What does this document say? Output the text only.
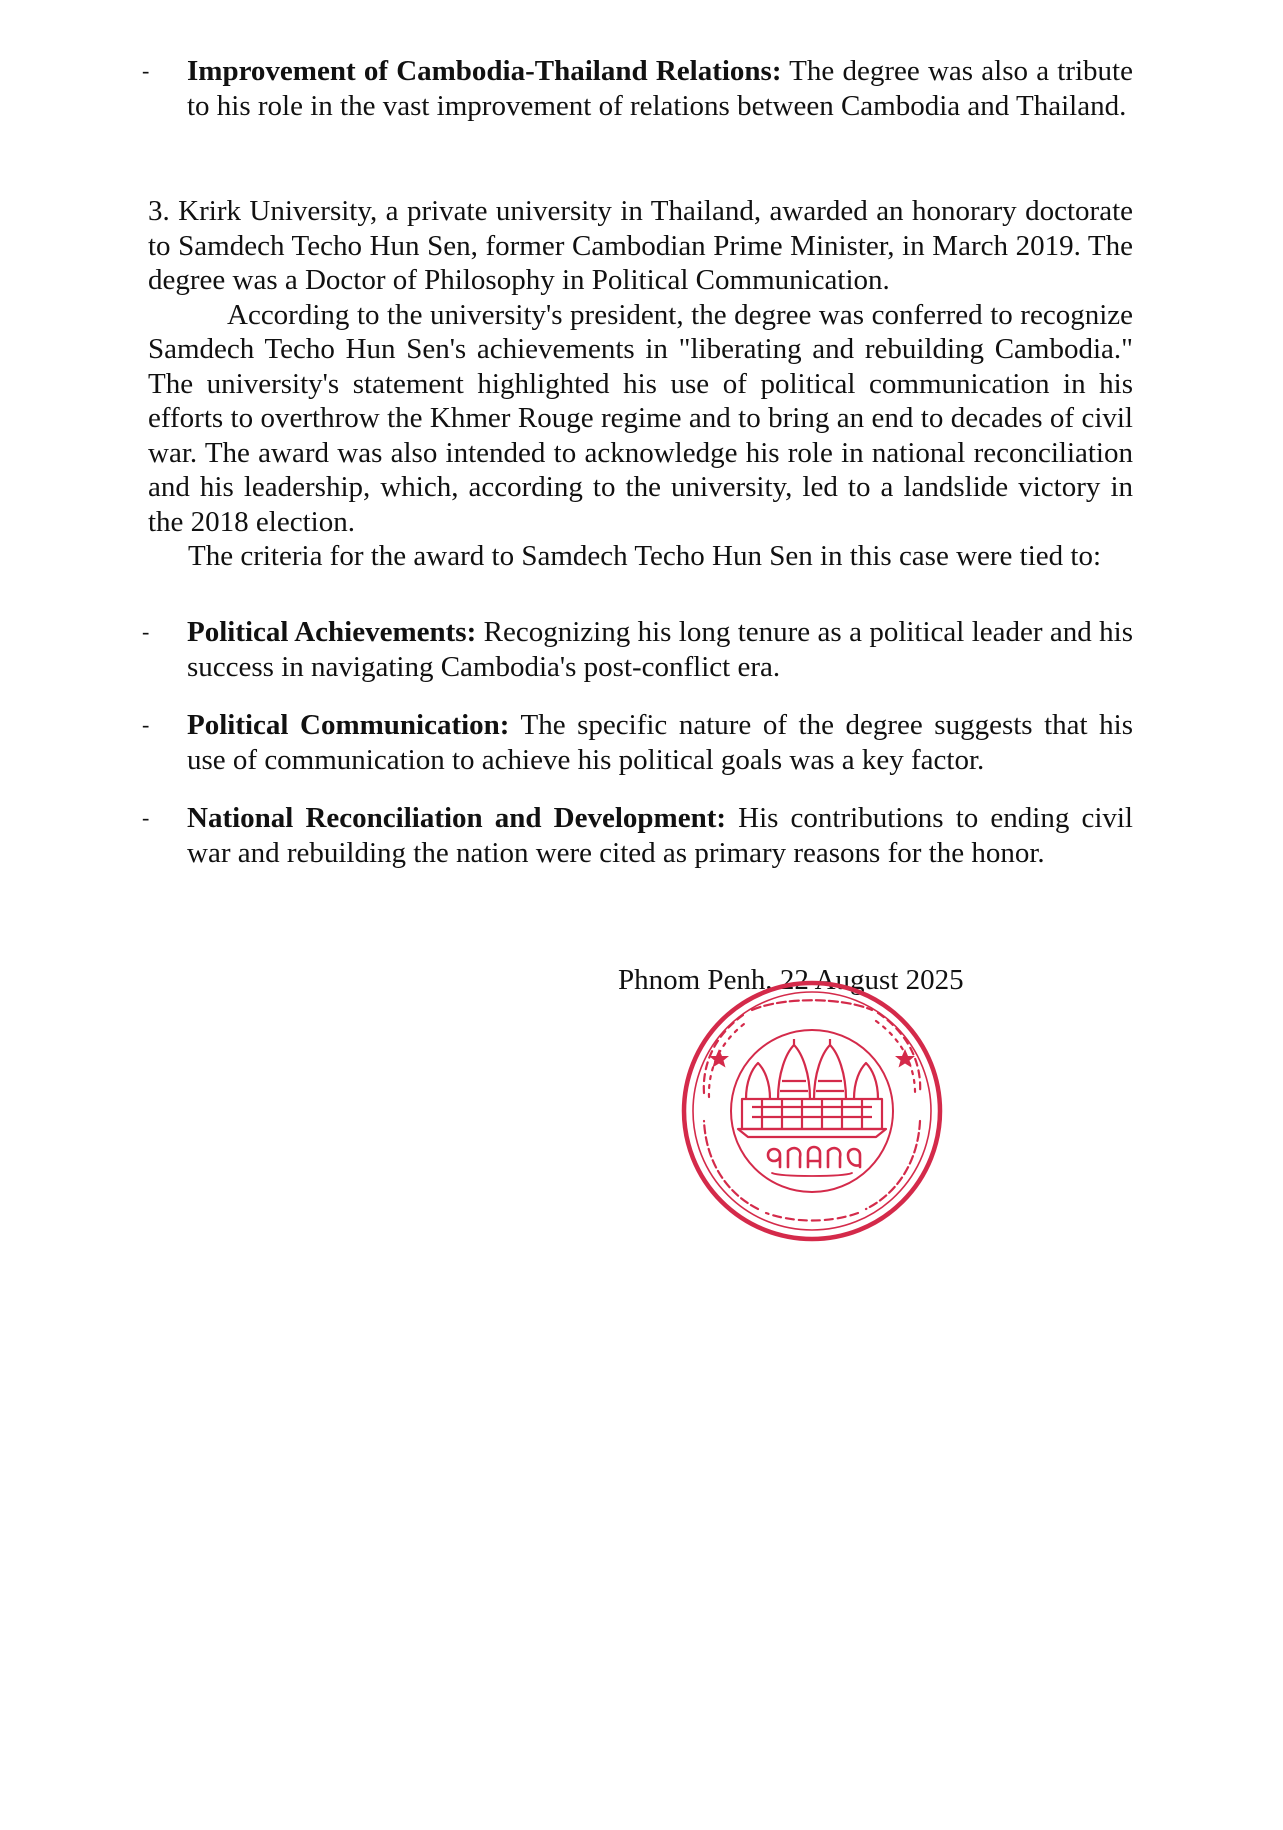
- Improvement of Cambodia-Thailand Relations: The degree was also a tribute to his role in the vast improvement of relations between Cambodia and Thailand.

3. Krirk University, a private university in Thailand, awarded an honorary doctorate to Samdech Techo Hun Sen, former Cambodian Prime Minister, in March 2019. The degree was a Doctor of Philosophy in Political Communication.

According to the university's president, the degree was conferred to recognize Samdech Techo Hun Sen's achievements in "liberating and rebuilding Cambodia." The university's statement highlighted his use of political communication in his efforts to overthrow the Khmer Rouge regime and to bring an end to decades of civil war. The award was also intended to acknowledge his role in national reconciliation and his leadership, which, according to the university, led to a landslide victory in the 2018 election.

The criteria for the award to Samdech Techo Hun Sen in this case were tied to:

- Political Achievements: Recognizing his long tenure as a political leader and his success in navigating Cambodia's post-conflict era.

- Political Communication: The specific nature of the degree suggests that his use of communication to achieve his political goals was a key factor.

- National Reconciliation and Development: His contributions to ending civil war and rebuilding the nation were cited as primary reasons for the honor.

Phnom Penh, 22 August 2025
